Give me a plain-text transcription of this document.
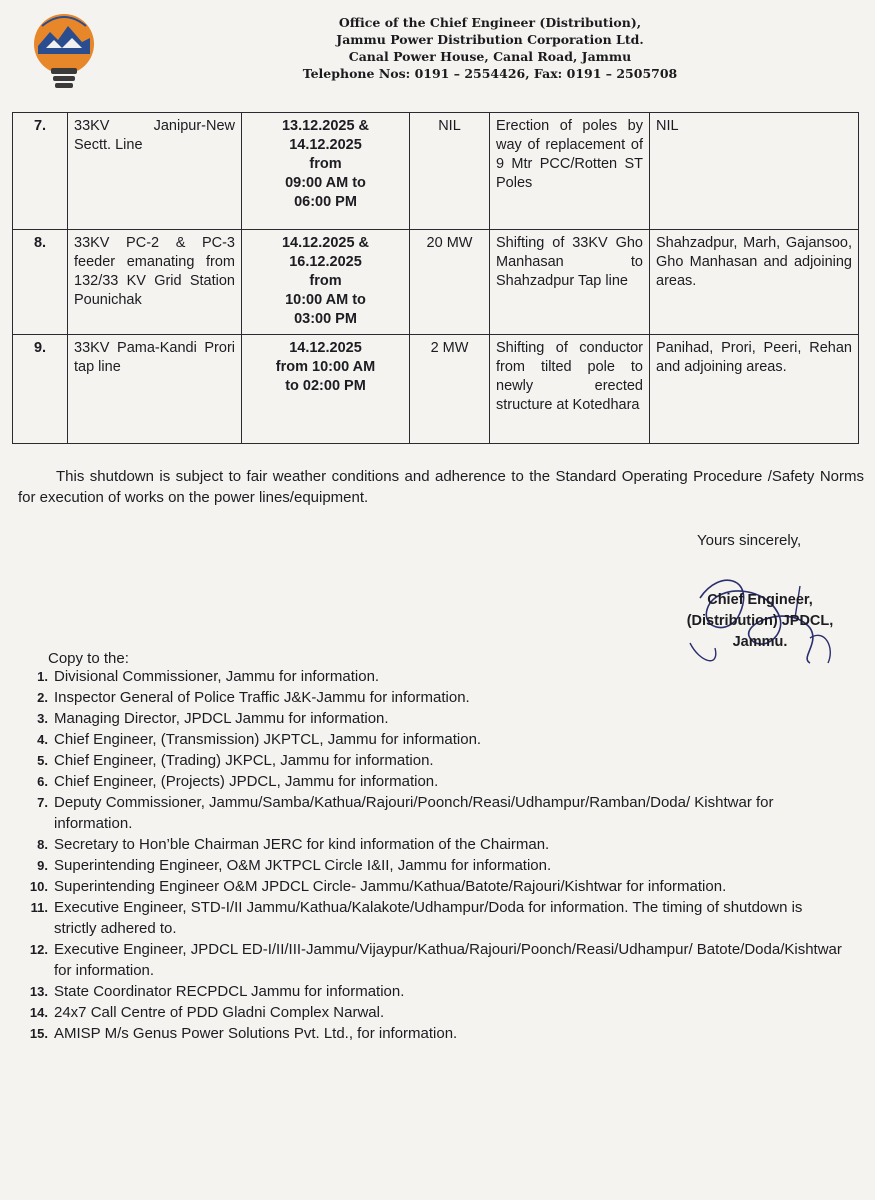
Office of the Chief Engineer (Distribution),
Jammu Power Distribution Corporation Ltd.
Canal Power House, Canal Road, Jammu
Telephone Nos: 0191 – 2554426, Fax: 0191 – 2505708
7.	33KV Janipur-New Sectt. Line	13.12.2025 &
14.12.2025
from
09:00 AM to
06:00 PM	NIL	Erection of poles by way of replacement of 9 Mtr PCC/Rotten ST Poles	NIL
8.	33KV PC-2 & PC-3 feeder emanating from 132/33 KV Grid Station Pounichak	14.12.2025 &
16.12.2025
from
10:00 AM to
03:00 PM	20 MW	Shifting of 33KV Gho Manhasan to Shahzadpur Tap line	Shahzadpur, Marh, Gajansoo, Gho Manhasan and adjoining areas.
9.	33KV Pama-Kandi Prori tap line	14.12.2025
from 10:00 AM
to 02:00 PM	2 MW	Shifting of conductor from tilted pole to newly erected structure at Kotedhara	Panihad, Prori, Peeri, Rehan and adjoining areas.
This shutdown is subject to fair weather conditions and adherence to the Standard Operating Procedure /Safety Norms for execution of works on the power lines/equipment.
Yours sincerely,
Chief Engineer,
(Distribution) JPDCL,
Jammu.
Copy to the:
1. Divisional Commissioner, Jammu for information.
2. Inspector General of Police Traffic J&K-Jammu for information.
3. Managing Director, JPDCL Jammu for information.
4. Chief Engineer, (Transmission) JKPTCL, Jammu for information.
5. Chief Engineer, (Trading) JKPCL, Jammu for information.
6. Chief Engineer, (Projects) JPDCL, Jammu for information.
7. Deputy Commissioner, Jammu/Samba/Kathua/Rajouri/Poonch/Reasi/Udhampur/Ramban/Doda/ Kishtwar for information.
8. Secretary to Hon’ble Chairman JERC for kind information of the Chairman.
9. Superintending Engineer, O&M JKTPCL Circle I&II, Jammu for information.
10. Superintending Engineer O&M JPDCL Circle- Jammu/Kathua/Batote/Rajouri/Kishtwar for information.
11. Executive Engineer, STD-I/II Jammu/Kathua/Kalakote/Udhampur/Doda for information. The timing of shutdown is strictly adhered to.
12. Executive Engineer, JPDCL ED-I/II/III-Jammu/Vijaypur/Kathua/Rajouri/Poonch/Reasi/Udhampur/ Batote/Doda/Kishtwar for information.
13. State Coordinator RECPDCL Jammu for information.
14. 24x7 Call Centre of PDD Gladni Complex Narwal.
15. AMISP M/s Genus Power Solutions Pvt. Ltd., for information.
